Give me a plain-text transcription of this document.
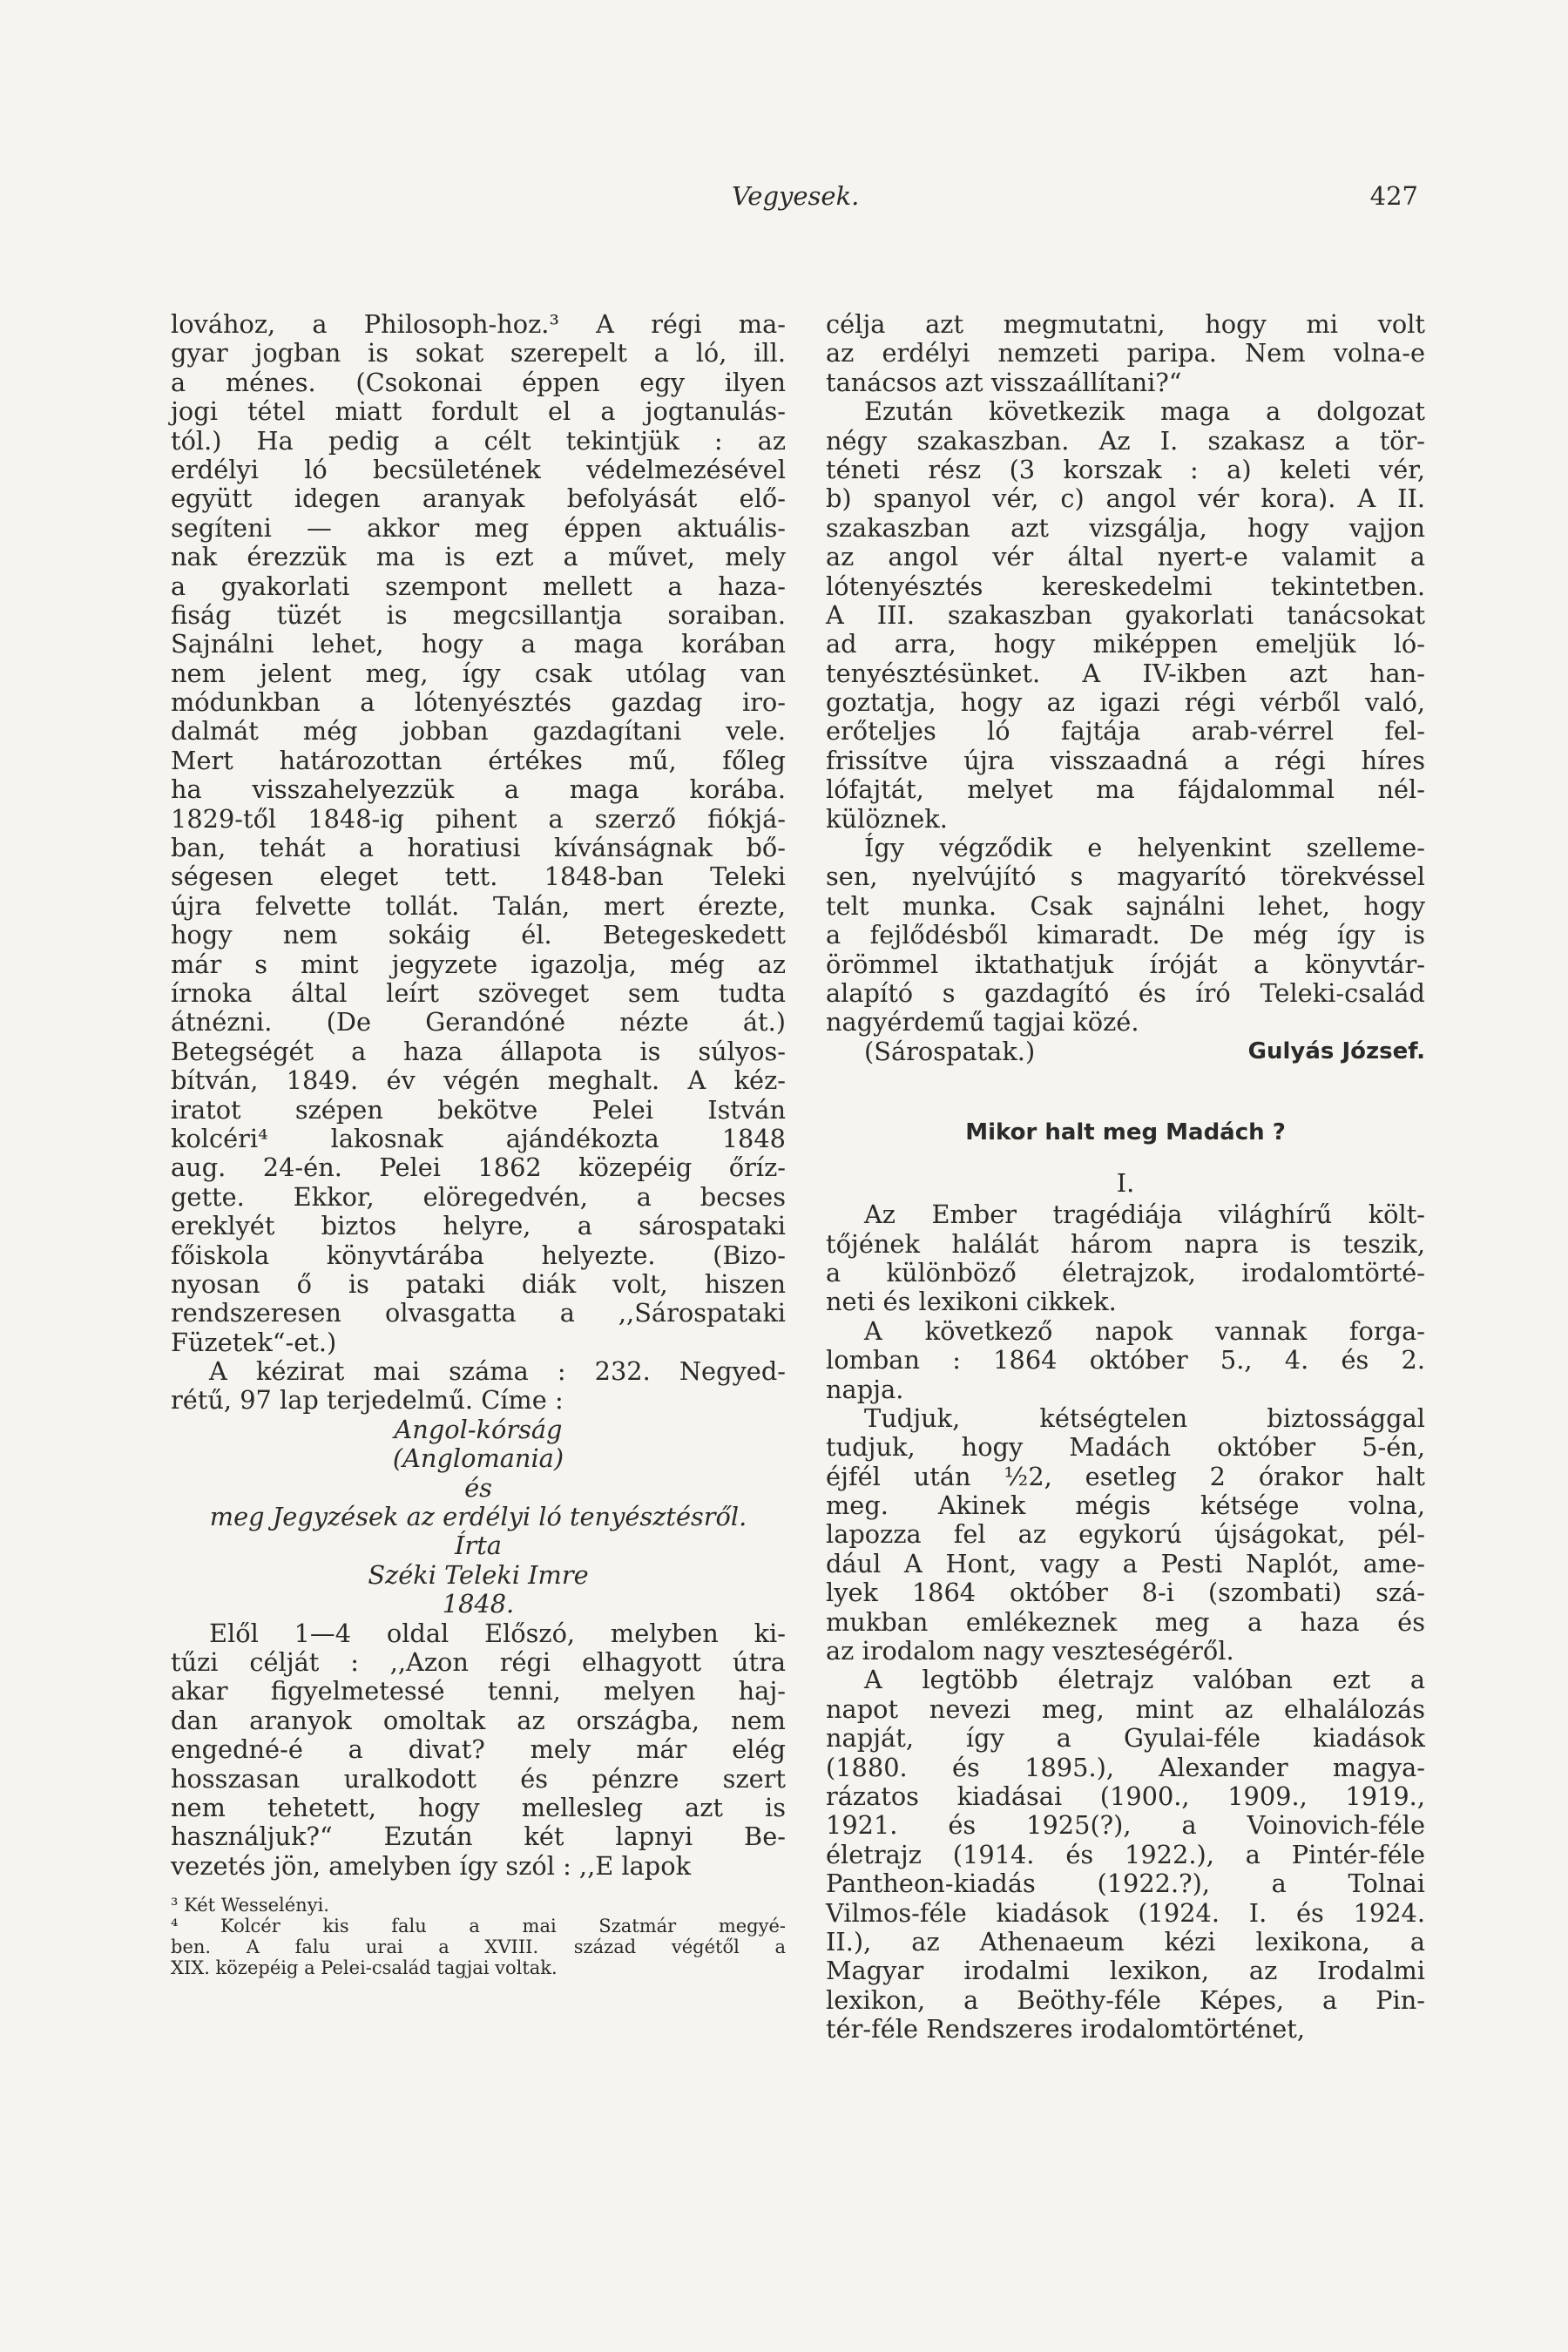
Vegyesek.	427
lovához, a Philosoph-hoz.³ A régi ma-
gyar jogban is sokat szerepelt a ló, ill.
a ménes. (Csokonai éppen egy ilyen
jogi tétel miatt fordult el a jogtanulás-
tól.) Ha pedig a célt tekintjük : az
erdélyi ló becsületének védelmezésével
együtt idegen aranyak befolyását elő-
segíteni — akkor meg éppen aktuális-
nak érezzük ma is ezt a művet, mely
a gyakorlati szempont mellett a haza-
fiság tüzét is megcsillantja soraiban.
Sajnálni lehet, hogy a maga korában
nem jelent meg, így csak utólag van
módunkban a lótenyésztés gazdag iro-
dalmát még jobban gazdagítani vele.
Mert határozottan értékes mű, főleg
ha visszahelyezzük a maga korába.
1829-től 1848-ig pihent a szerző fiókjá-
ban, tehát a horatiusi kívánságnak bő-
ségesen eleget tett. 1848-ban Teleki
újra felvette tollát. Talán, mert érezte,
hogy nem sokáig él. Betegeskedett
már s mint jegyzete igazolja, még az
írnoka által leírt szöveget sem tudta
átnézni. (De Gerandóné nézte át.)
Betegségét a haza állapota is súlyos-
bítván, 1849. év végén meghalt. A kéz-
iratot szépen bekötve Pelei István
kolcéri⁴ lakosnak ajándékozta 1848
aug. 24-én. Pelei 1862 közepéig őríz-
gette. Ekkor, elöregedvén, a becses
ereklyét biztos helyre, a sárospataki
főiskola könyvtárába helyezte. (Bizo-
nyosan ő is pataki diák volt, hiszen
rendszeresen olvasgatta a ,,Sárospataki
Füzetek“-et.)
A kézirat mai száma : 232. Negyed-
rétű, 97 lap terjedelmű. Címe :
Angol-kórság
(Anglomania)
és
meg Jegyzések az erdélyi ló tenyésztésről.
Írta
Széki Teleki Imre
1848.
Elől 1—4 oldal Előszó, melyben ki-
tűzi célját : ,,Azon régi elhagyott útra
akar figyelmetessé tenni, melyen haj-
dan aranyok omoltak az országba, nem
engedné-é a divat? mely már elég
hosszasan uralkodott és pénzre szert
nem tehetett, hogy mellesleg azt is
használjuk?“ Ezután két lapnyi Be-
vezetés jön, amelyben így szól : ,,E lapok
³ Két Wesselényi.
⁴ Kolcér kis falu a mai Szatmár megyé-
ben. A falu urai a XVIII. század végétől a
XIX. közepéig a Pelei-család tagjai voltak.
célja azt megmutatni, hogy mi volt
az erdélyi nemzeti paripa. Nem volna-e
tanácsos azt visszaállítani?“
Ezután következik maga a dolgozat
négy szakaszban. Az I. szakasz a tör-
téneti rész (3 korszak : a) keleti vér,
b) spanyol vér, c) angol vér kora). A II.
szakaszban azt vizsgálja, hogy vajjon
az angol vér által nyert-e valamit a
lótenyésztés kereskedelmi tekintetben.
A III. szakaszban gyakorlati tanácsokat
ad arra, hogy miképpen emeljük ló-
tenyésztésünket. A IV-ikben azt han-
goztatja, hogy az igazi régi vérből való,
erőteljes ló fajtája arab-vérrel fel-
frissítve újra visszaadná a régi híres
lófajtát, melyet ma fájdalommal nél-
külöznek.
Így végződik e helyenkint szelleme-
sen, nyelvújító s magyarító törekvéssel
telt munka. Csak sajnálni lehet, hogy
a fejlődésből kimaradt. De még így is
örömmel iktathatjuk íróját a könyvtár-
alapító s gazdagító és író Teleki-család
nagyérdemű tagjai közé.
(Sárospatak.)	Gulyás József.
Mikor halt meg Madách ?
I.
Az Ember tragédiája világhírű költ-
tőjének halálát három napra is teszik,
a különböző életrajzok, irodalomtörté-
neti és lexikoni cikkek.
A következő napok vannak forga-
lomban : 1864 október 5., 4. és 2.
napja.
Tudjuk, kétségtelen biztossággal
tudjuk, hogy Madách október 5-én,
éjfél után ½2, esetleg 2 órakor halt
meg. Akinek mégis kétsége volna,
lapozza fel az egykorú újságokat, pél-
dául A Hont, vagy a Pesti Naplót, ame-
lyek 1864 október 8-i (szombati) szá-
mukban emlékeznek meg a haza és
az irodalom nagy veszteségéről.
A legtöbb életrajz valóban ezt a
napot nevezi meg, mint az elhalálozás
napját, így a Gyulai-féle kiadások
(1880. és 1895.), Alexander magya-
rázatos kiadásai (1900., 1909., 1919.,
1921. és 1925(?), a Voinovich-féle
életrajz (1914. és 1922.), a Pintér-féle
Pantheon-kiadás (1922.?), a Tolnai
Vilmos-féle kiadások (1924. I. és 1924.
II.), az Athenaeum kézi lexikona, a
Magyar irodalmi lexikon, az Irodalmi
lexikon, a Beöthy-féle Képes, a Pin-
tér-féle Rendszeres irodalomtörténet,
